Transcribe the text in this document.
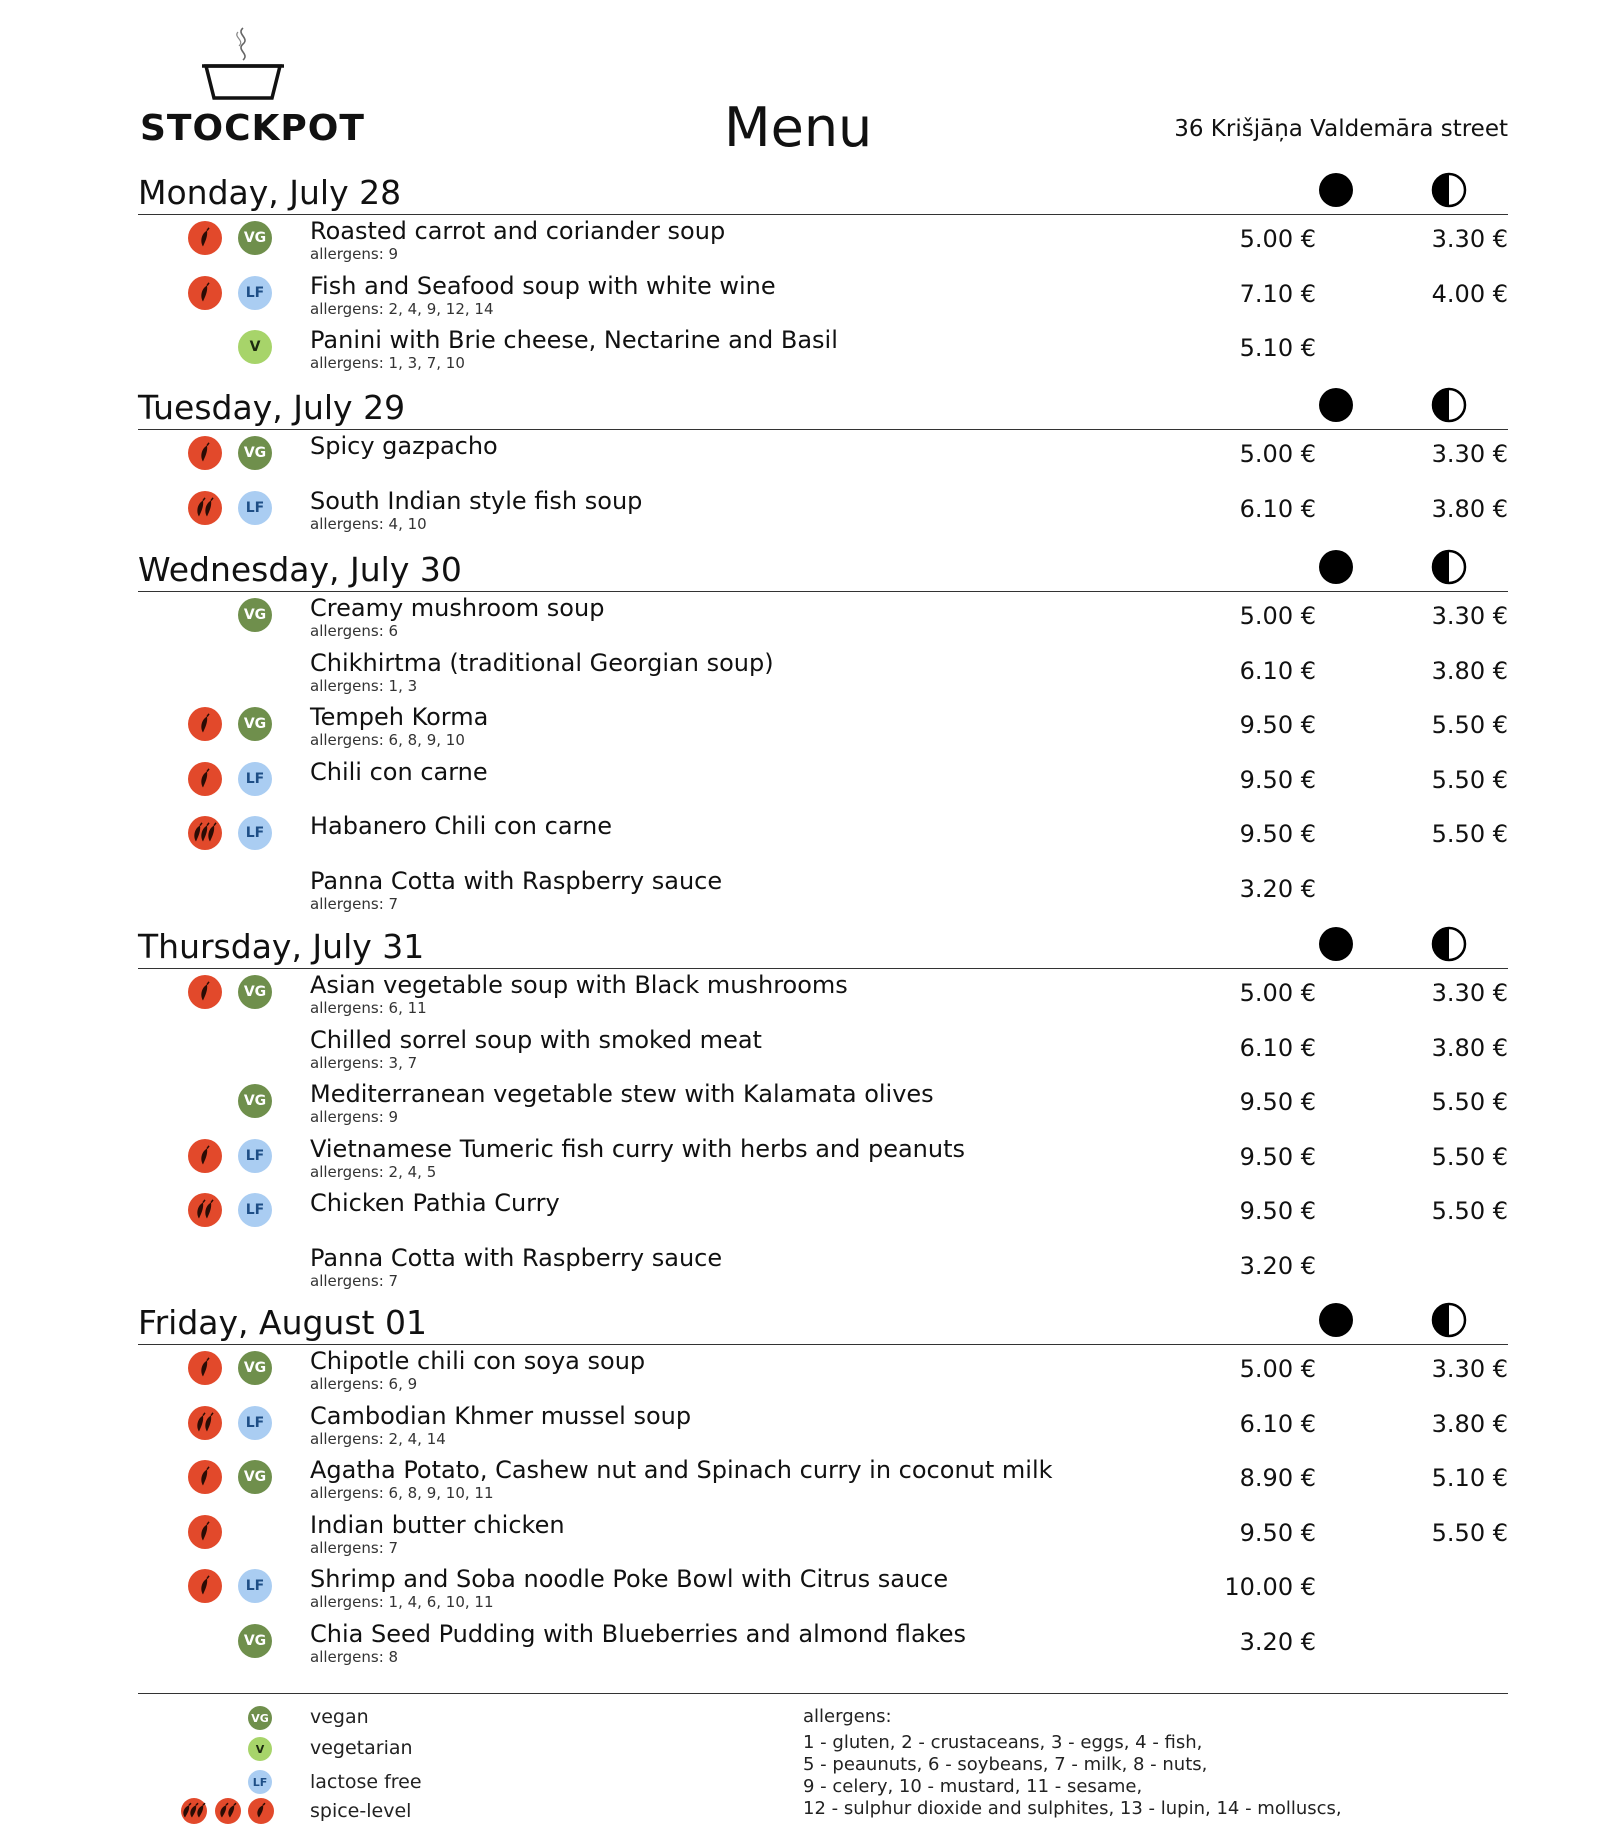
STOCKPOT	Menu	36 Krišjāņa Valdemāra street
Monday, July 28
VG Roasted carrot and coriander soup
allergens: 9
5.00 €	3.30 €
LF	Fish and Seafood soup with white wine
allergens: 2, 4, 9, 12, 14
7.10 €	4.00 €
V	Panini with Brie cheese, Nectarine and Basil
allergens: 1, 3, 7, 10
5.10 €
Tuesday, July 29
VG Spicy gazpacho	5.00 €	3.30 €
LF	South Indian style fish soup
allergens: 4, 10
6.10 €	3.80 €
Wednesday, July 30
VG Creamy mushroom soup
allergens: 6
5.00 €	3.30 €
Chikhirtma (traditional Georgian soup)
allergens: 1, 3
6.10 €	3.80 €
VG Tempeh Korma
allergens: 6, 8, 9, 10
9.50 €	5.50 €
LF	Chili con carne	9.50 €	5.50 €
LF	Habanero Chili con carne	9.50 €	5.50 €
Panna Cotta with Raspberry sauce
allergens: 7
3.20 €
Thursday, July 31
VG Asian vegetable soup with Black mushrooms
allergens: 6, 11
5.00 €	3.30 €
Chilled sorrel soup with smoked meat
allergens: 3, 7
6.10 €	3.80 €
VG Mediterranean vegetable stew with Kalamata olives
allergens: 9
9.50 €	5.50 €
LF	Vietnamese Tumeric fish curry with herbs and peanuts
allergens: 2, 4, 5
9.50 €	5.50 €
LF	Chicken Pathia Curry	9.50 €	5.50 €
Panna Cotta with Raspberry sauce
allergens: 7
3.20 €
Friday, August 01
VG Chipotle chili con soya soup
allergens: 6, 9
5.00 €	3.30 €
LF	Cambodian Khmer mussel soup
allergens: 2, 4, 14
6.10 €	3.80 €
VG Agatha Potato, Cashew nut and Spinach curry in coconut milk
allergens: 6, 8, 9, 10, 11
8.90 €	5.10 €
Indian butter chicken
allergens: 7
9.50 €	5.50 €
LF	Shrimp and Soba noodle Poke Bowl with Citrus sauce
allergens: 1, 4, 6, 10, 11
10.00 €
VG Chia Seed Pudding with Blueberries and almond flakes
allergens: 8
3.20 €
VG vegan
V	vegetarian
LF lactose free
spice-level
allergens:
1 - gluten, 2 - crustaceans, 3 - eggs, 4 - fish,
5 - peaunuts, 6 - soybeans, 7 - milk, 8 - nuts,
9 - celery, 10 - mustard, 11 - sesame,
12 - sulphur dioxide and sulphites, 13 - lupin, 14 - molluscs,
